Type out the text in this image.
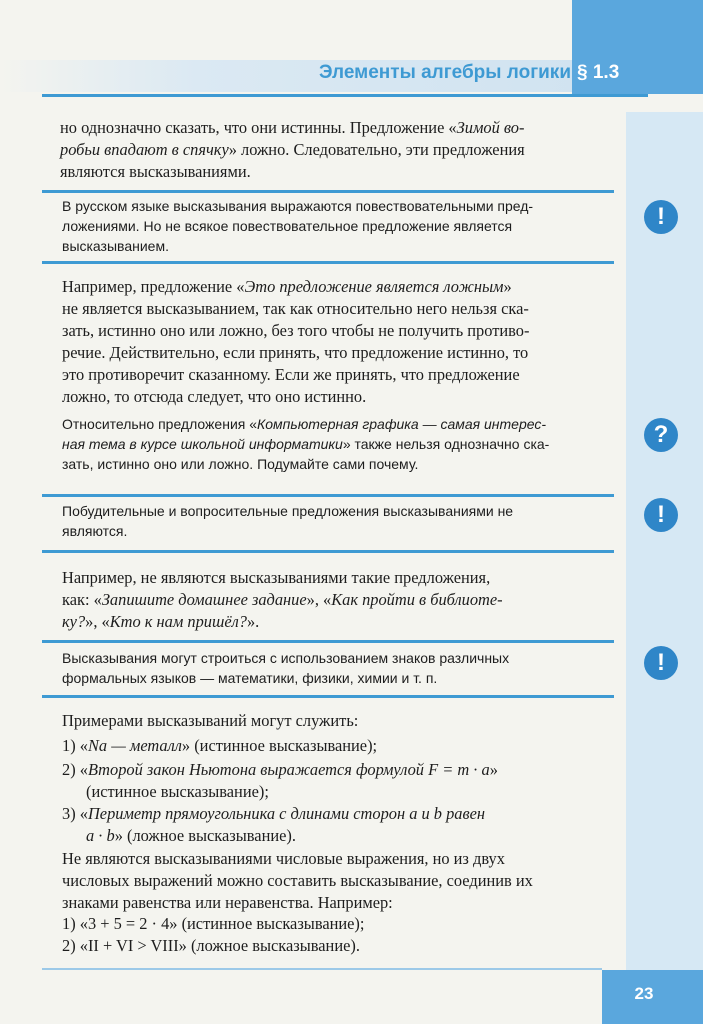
Элементы алгебры логики § 1.3
но однозначно сказать, что они истинны. Предложение «Зимой во-
робьи впадают в спячку» ложно. Следовательно, эти предложения
являются высказываниями.
В русском языке высказывания выражаются повествовательными пред-
ложениями. Но не всякое повествовательное предложение является
высказыванием.
!
Например, предложение «Это предложение является ложным»
не является высказыванием, так как относительно него нельзя ска-
зать, истинно оно или ложно, без того чтобы не получить противо-
речие. Действительно, если принять, что предложение истинно, то
это противоречит сказанному. Если же принять, что предложение
ложно, то отсюда следует, что оно истинно.
Относительно предложения «Компьютерная графика — самая интерес-
ная тема в курсе школьной информатики» также нельзя однозначно ска-
зать, истинно оно или ложно. Подумайте сами почему.
?
Побудительные и вопросительные предложения высказываниями не
являются.
!
Например, не являются высказываниями такие предложения,
как: «Запишите домашнее задание», «Как пройти в библиоте-
ку?», «Кто к нам пришёл?».
Высказывания могут строиться с использованием знаков различных
формальных языков — математики, физики, химии и т. п.
!
Примерами высказываний могут служить:
1) «Na — металл» (истинное высказывание);
2) «Второй закон Ньютона выражается формулой F = m · a»
(истинное высказывание);
3) «Периметр прямоугольника с длинами сторон a и b равен
a · b» (ложное высказывание).
Не являются высказываниями числовые выражения, но из двух
числовых выражений можно составить высказывание, соединив их
знаками равенства или неравенства. Например:
1) «3 + 5 = 2 · 4» (истинное высказывание);
2) «II + VI > VIII» (ложное высказывание).
23
